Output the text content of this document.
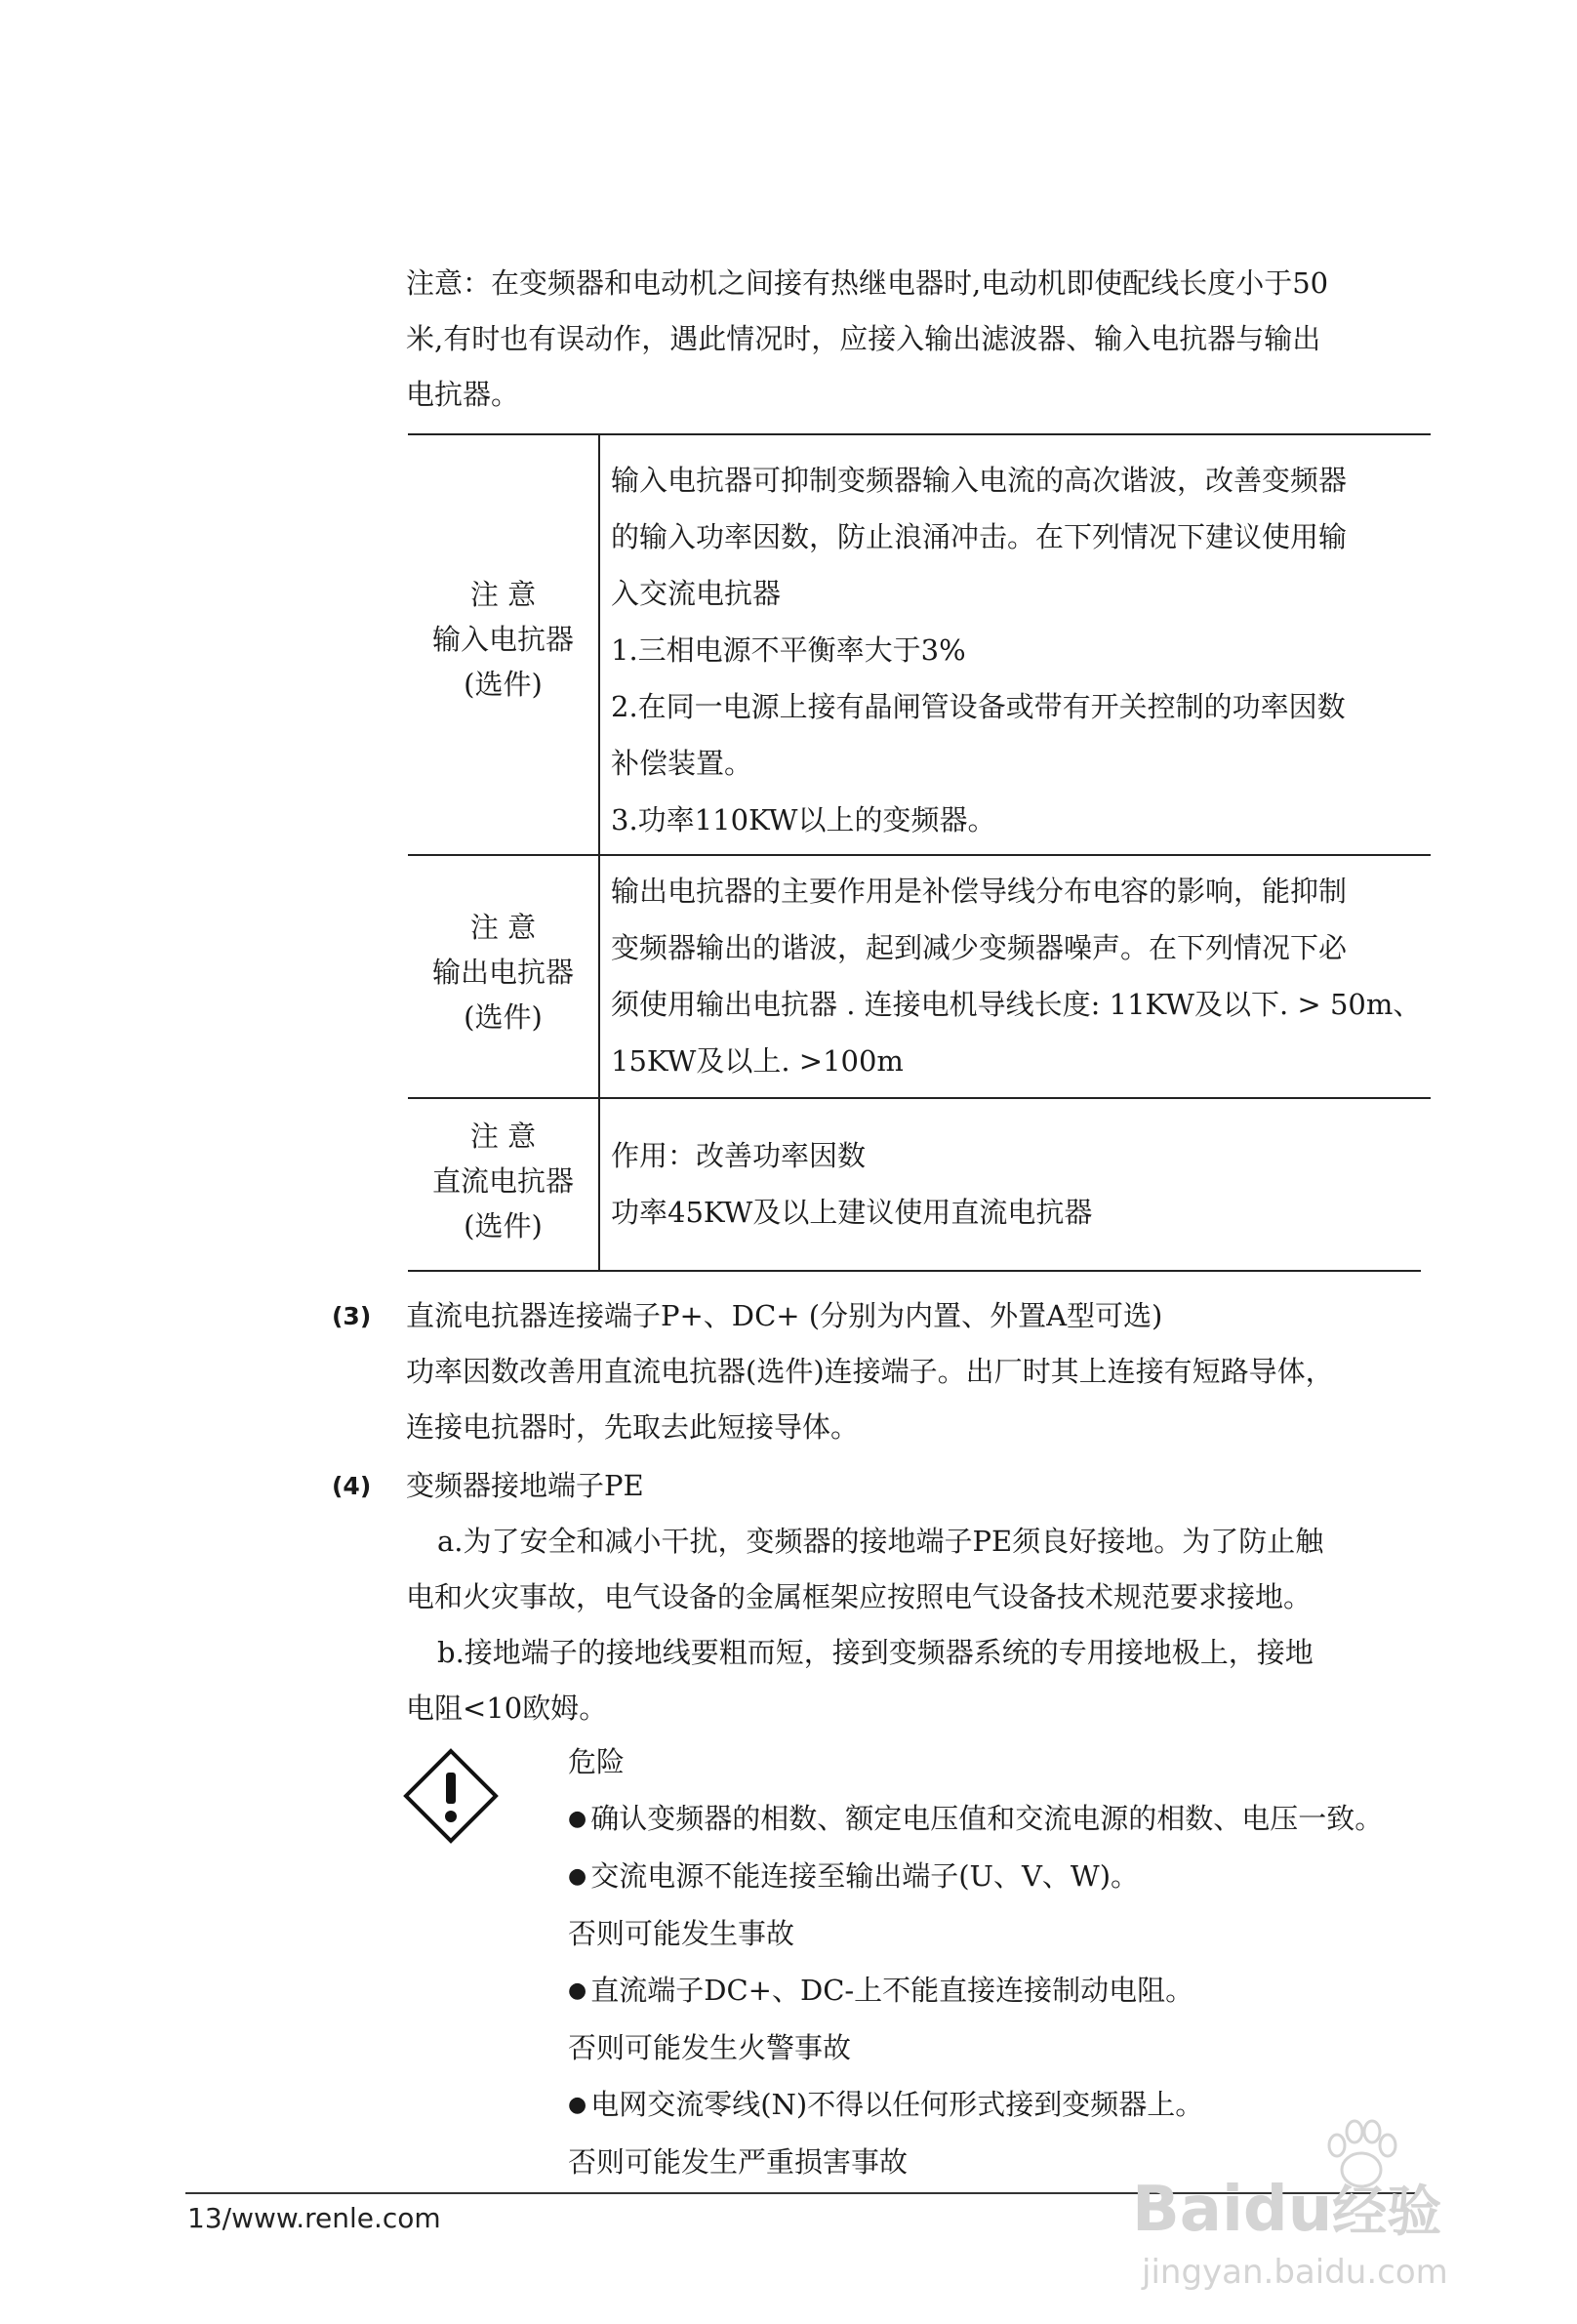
注意：在变频器和电动机之间接有热继电器时,电动机即使配线长度小于50

米,有时也有误动作，遇此情况时，应接入输出滤波器、输入电抗器与输出

电抗器。

注 意
输入电抗器
(选件)
输入电抗器可抑制变频器输入电流的高次谐波，改善变频器
的输入功率因数，防止浪涌冲击。在下列情况下建议使用输
入交流电抗器
1.三相电源不平衡率大于3%
2.在同一电源上接有晶闸管设备或带有开关控制的功率因数
补偿装置。
3.功率110KW以上的变频器。
注 意
输出电抗器
(选件)
输出电抗器的主要作用是补偿导线分布电容的影响，能抑制
变频器输出的谐波，起到减少变频器噪声。在下列情况下必
须使用输出电抗器 . 连接电机导线长度: 11KW及以下. > 50m、
15KW及以上. >100m
注 意
直流电抗器
(选件)
作用：改善功率因数
功率45KW及以上建议使用直流电抗器
(3) 直流电抗器连接端子P+、DC+ (分别为内置、外置A型可选)
功率因数改善用直流电抗器(选件)连接端子。出厂时其上连接有短路导体，
连接电抗器时，先取去此短接导体。
(4) 变频器接地端子PE
a.为了安全和减小干扰，变频器的接地端子PE须良好接地。为了防止触
电和火灾事故，电气设备的金属框架应按照电气设备技术规范要求接地。
b.接地端子的接地线要粗而短，接到变频器系统的专用接地极上，接地
电阻<10欧姆。
危险
● 确认变频器的相数、额定电压值和交流电源的相数、电压一致。
● 交流电源不能连接至输出端子(U、V、W)。
否则可能发生事故
● 直流端子DC+、DC-上不能直接连接制动电阻。
否则可能发生火警事故
● 电网交流零线(N)不得以任何形式接到变频器上。
否则可能发生严重损害事故
13/www.renle.com	Baidu经验
jingyan.baidu.com
